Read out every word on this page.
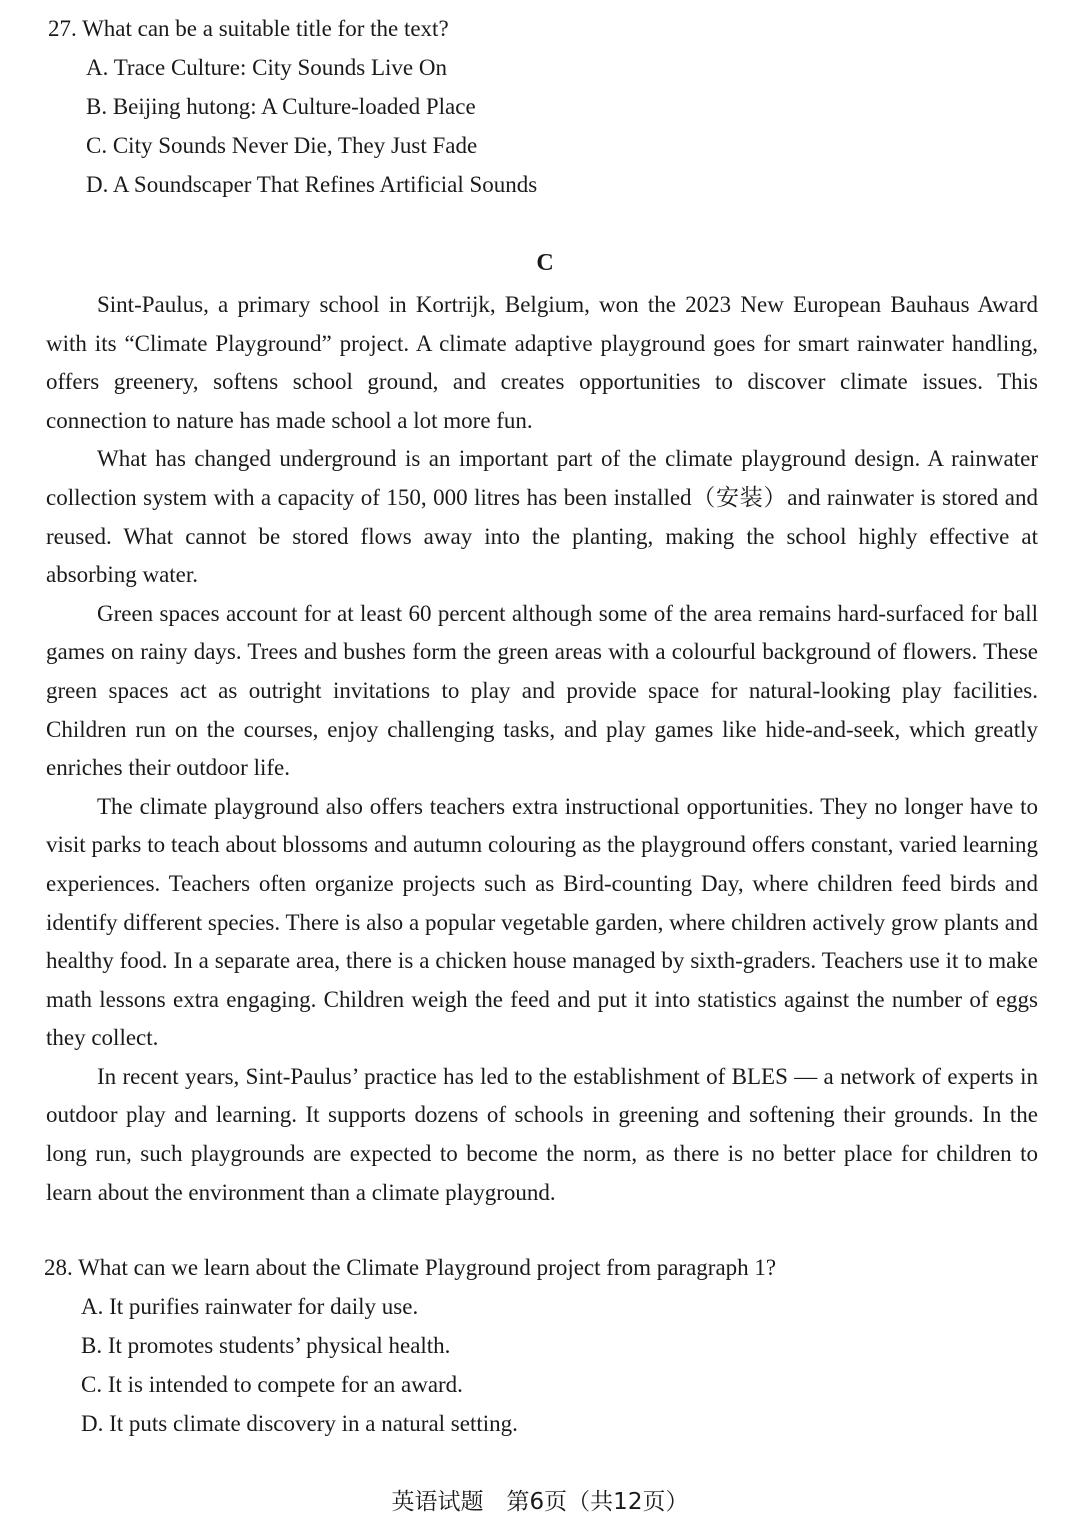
27. What can be a suitable title for the text?
A. Trace Culture: City Sounds Live On
B. Beijing hutong: A Culture-loaded Place
C. City Sounds Never Die, They Just Fade
D. A Soundscaper That Refines Artificial Sounds
C

Sint-Paulus, a primary school in Kortrijk, Belgium, won the 2023 New European Bauhaus Award with its “Climate Playground” project. A climate adaptive playground goes for smart rainwater handling, offers greenery, softens school ground, and creates opportunities to discover climate issues. This connection to nature has made school a lot more fun.

What has changed underground is an important part of the climate playground design. A rainwater collection system with a capacity of 150, 000 litres has been installed（安装）and rainwater is stored and reused. What cannot be stored flows away into the planting, making the school highly effective at absorbing water.

Green spaces account for at least 60 percent although some of the area remains hard-surfaced for ball games on rainy days. Trees and bushes form the green areas with a colourful background of flowers. These green spaces act as outright invitations to play and provide space for natural-looking play facilities. Children run on the courses, enjoy challenging tasks, and play games like hide-and-seek, which greatly enriches their outdoor life.

The climate playground also offers teachers extra instructional opportunities. They no longer have to visit parks to teach about blossoms and autumn colouring as the playground offers constant, varied learning experiences. Teachers often organize projects such as Bird-counting Day, where children feed birds and identify different species. There is also a popular vegetable garden, where children actively grow plants and healthy food. In a separate area, there is a chicken house managed by sixth-graders. Teachers use it to make math lessons extra engaging. Children weigh the feed and put it into statistics against the number of eggs they collect.

In recent years, Sint-Paulus’ practice has led to the establishment of BLES — a network of experts in outdoor play and learning. It supports dozens of schools in greening and softening their grounds. In the long run, such playgrounds are expected to become the norm, as there is no better place for children to learn about the environment than a climate playground.

28. What can we learn about the Climate Playground project from paragraph 1?
A. It purifies rainwater for daily use.
B. It promotes students’ physical health.
C. It is intended to compete for an award.
D. It puts climate discovery in a natural setting.
英语试题　第6页（共12页）
